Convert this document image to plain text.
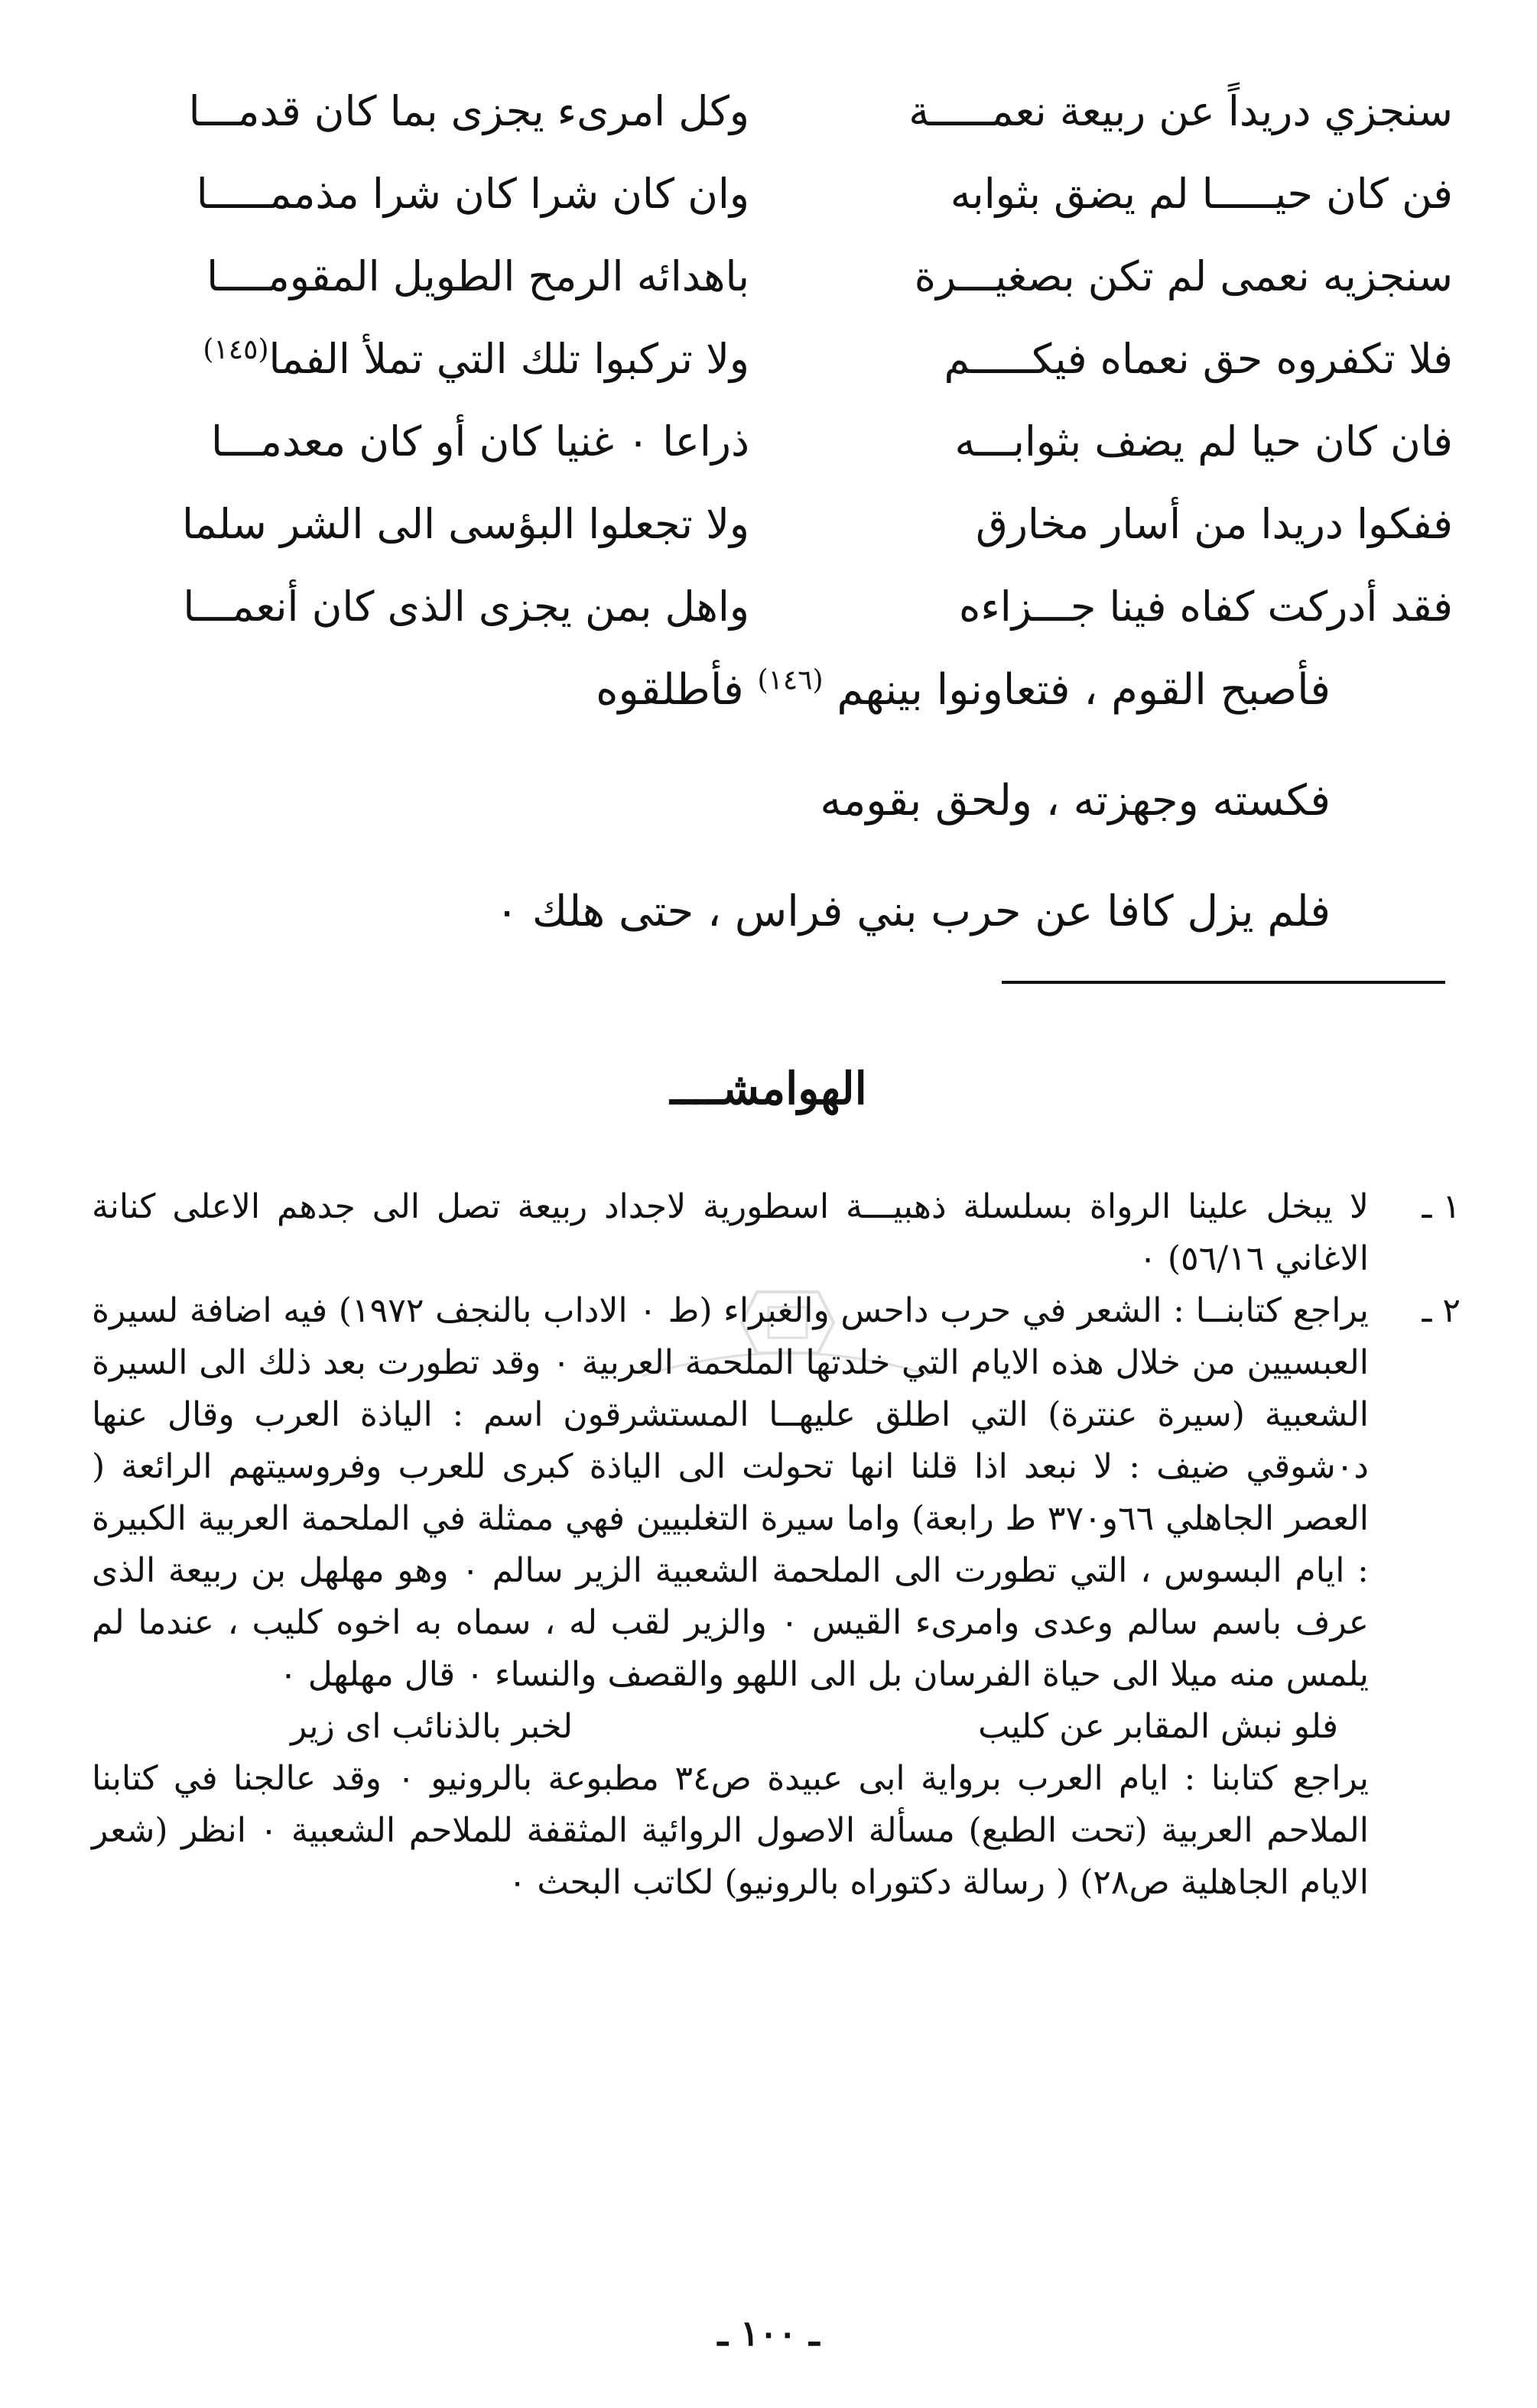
سنجزي دريداً عن ربيعة نعمـــــة
فن كان حيـــــا لم يضق بثوابه
سنجزيه نعمى لم تكن بصغيـــرة
فلا تكفروه حق نعماه فيكـــــم
فان كان حيا لم يضف بثوابـــه
ففكوا دريدا من أسار مخارق
فقد أدركت كفاه فينا جـــزاءه
وكل امرىء يجزى بما كان قدمـــا
وان كان شرا كان شرا مذممـــــا
باهدائه الرمح الطويل المقومــــا
ولا تركبوا تلك التي تملأ الفما$^{(١٤٥)}$
ذراعا ٠ غنيا كان أو كان معدمـــا
ولا تجعلوا البؤسى الى الشر سلما
واهل بمن يجزى الذى كان أنعمـــا
فأصبح القوم ، فتعاونوا بينهم $^{(١٤٦)}$ فأطلقوه
فكسته وجهزته ، ولحق بقومه
فلم يزل كافا عن حرب بني فراس ، حتى هلك ٠
الهوامشــــ
١ ـ
لا يبخل علينا الرواة بسلسلة ذهبيـــة اسطورية لاجداد ربيعة تصل الى جدهم الاعلى كنانة الاغاني ٥٦/١٦) ٠
٢ ـ

يراجع كتابنــا : الشعر في حرب داحس والغبراء (ط ٠ الاداب بالنجف ١٩٧٢) فيه اضافة لسيرة العبسيين من خلال هذه الايام التي خلدتها الملحمة العربية ٠ وقد تطورت بعد ذلك الى السيرة الشعبية (سيرة عنترة) التي اطلق عليهــا المستشرقون اسم : الياذة العرب وقال عنها د٠شوقي ضيف : لا نبعد اذا قلنا انها تحولت الى الياذة كبرى للعرب وفروسيتهم الرائعة ( العصر الجاهلي ٦٦و٣٧٠ ط رابعة) واما سيرة التغلبيين فهي ممثلة في الملحمة العربية الكبيرة : ايام البسوس ، التي تطورت الى الملحمة الشعبية الزير سالم ٠ وهو مهلهل بن ربيعة الذى عرف باسم سالم وعدى وامرىء القيس ٠ والزير لقب له ، سماه به اخوه كليب ، عندما لم يلمس منه ميلا الى حياة الفرسان بل الى اللهو والقصف والنساء ٠ قال مهلهل ٠

فلو نبش المقابر عن كليب
لخبر بالذنائب اى زير

يراجع كتابنا : ايام العرب برواية ابى عبيدة ص٣٤ مطبوعة بالرونيو ٠ وقد عالجنا في كتابنا الملاحم العربية (تحت الطبع) مسألة الاصول الروائية المثقفة للملاحم الشعبية ٠ انظر (شعر الايام الجاهلية ص٢٨) ( رسالة دكتوراه بالرونيو) لكاتب البحث ٠

ـ ١٠٠ ـ
